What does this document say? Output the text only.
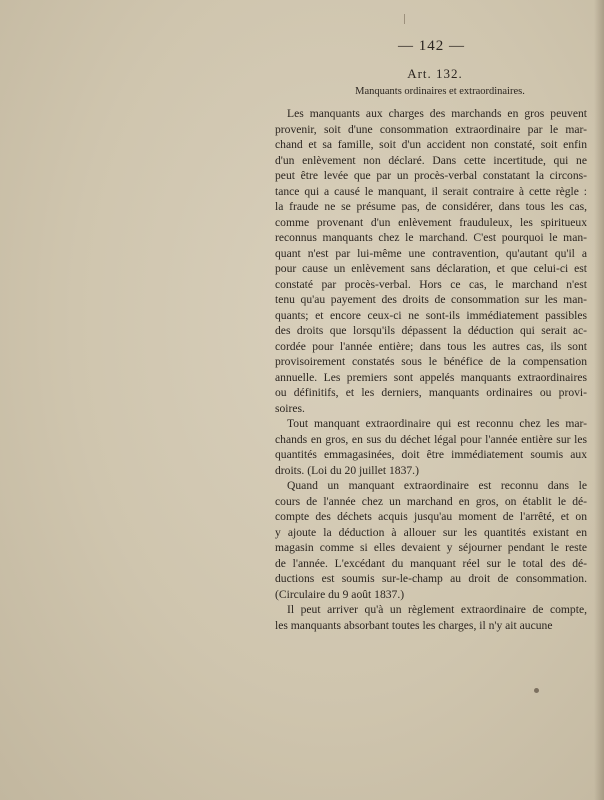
— 142 —
Art. 132.
Manquants ordinaires et extraordinaires.

Les manquants aux charges des marchands en gros peuvent
provenir, soit d'une consommation extraordinaire par le mar-
chand et sa famille, soit d'un accident non constaté, soit enfin
d'un enlèvement non déclaré. Dans cette incertitude, qui ne
peut être levée que par un procès-verbal constatant la circons-
tance qui a causé le manquant, il serait contraire à cette règle :
la fraude ne se présume pas, de considérer, dans tous les cas,
comme provenant d'un enlèvement frauduleux, les spiritueux
reconnus manquants chez le marchand. C'est pourquoi le man-
quant n'est par lui-même une contravention, qu'autant qu'il a
pour cause un enlèvement sans déclaration, et que celui-ci est
constaté par procès-verbal. Hors ce cas, le marchand n'est
tenu qu'au payement des droits de consommation sur les man-
quants; et encore ceux-ci ne sont-ils immédiatement passibles
des droits que lorsqu'ils dépassent la déduction qui serait ac-
cordée pour l'année entière; dans tous les autres cas, ils sont
provisoirement constatés sous le bénéfice de la compensation
annuelle. Les premiers sont appelés manquants extraordinaires
ou définitifs, et les derniers, manquants ordinaires ou provi-
soires.

Tout manquant extraordinaire qui est reconnu chez les mar-
chands en gros, en sus du déchet légal pour l'année entière sur les
quantités emmagasinées, doit être immédiatement soumis aux
droits. (Loi du 20 juillet 1837.)

Quand un manquant extraordinaire est reconnu dans le
cours de l'année chez un marchand en gros, on établit le dé-
compte des déchets acquis jusqu'au moment de l'arrêté, et on
y ajoute la déduction à allouer sur les quantités existant en
magasin comme si elles devaient y séjourner pendant le reste
de l'année. L'excédant du manquant réel sur le total des dé-
ductions est soumis sur-le-champ au droit de consommation.
(Circulaire du 9 août 1837.)

Il peut arriver qu'à un règlement extraordinaire de compte,
les manquants absorbant toutes les charges, il n'y ait aucune
